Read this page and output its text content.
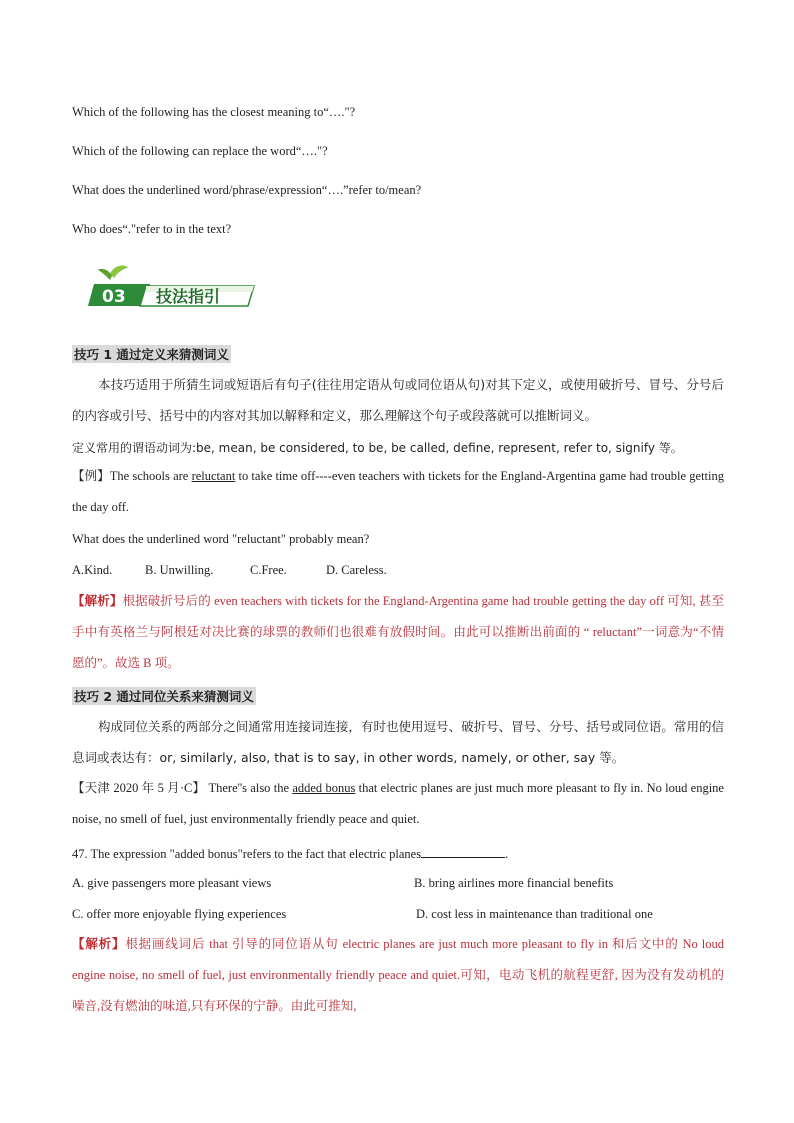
Which of the following has the closest meaning to“…."?
Which of the following can replace the word“…."?
What does the underlined word/phrase/expression“….”refer to/mean?
Who does“."refer to in the text?
03 技法指引
技巧 1 通过定义来猜测词义
本技巧适用于所猜生词或短语后有句子(往往用定语从句或同位语从句)对其下定义，或使用破折号、冒号、分号后的内容或引号、括号中的内容对其加以解释和定义，那么理解这个句子或段落就可以推断词义。
定义常用的谓语动词为:be, mean, be considered, to be, be called, define, represent, refer to, signify 等。
【例】The schools are reluctant to take time off----even teachers with tickets for the England-Argentina game had trouble getting the day off.
What does the underlined word "reluctant" probably mean?
A.Kind.	B. Unwilling.	C.Free.	D. Careless.
【解析】根据破折号后的 even teachers with tickets for the England-Argentina game had trouble getting the day off 可知, 甚至手中有英格兰与阿根廷对决比赛的球票的教师们也很难有放假时间。由此可以推断出前面的 “ reluctant”一词意为“不情愿的”。故选 B 项。
技巧 2 通过同位关系来猜测词义
构成同位关系的两部分之间通常用连接词连接，有时也使用逗号、破折号、冒号、分号、括号或同位语。常用的信息词或表达有：or, similarly, also, that is to say, in other words, namely, or other, say 等。
【天津 2020 年 5 月·C】 There''s also the added bonus that electric planes are just much more pleasant to fly in. No loud engine noise, no smell of fuel, just environmentally friendly peace and quiet.
47. The expression "added bonus"refers to the fact that electric planes	.
A. give passengers more pleasant views	B. bring airlines more financial benefits
C. offer more enjoyable flying experiences	D. cost less in maintenance than traditional one
【解析】根据画线词后 that 引导的同位语从句 electric planes are just much more pleasant to fly in 和后文中的 No loud engine noise, no smell of fuel, just environmentally friendly peace and quiet.可知，电动飞机的航程更舒, 因为没有发动机的噪音,没有燃油的味道,只有环保的宁静。由此可推知,
